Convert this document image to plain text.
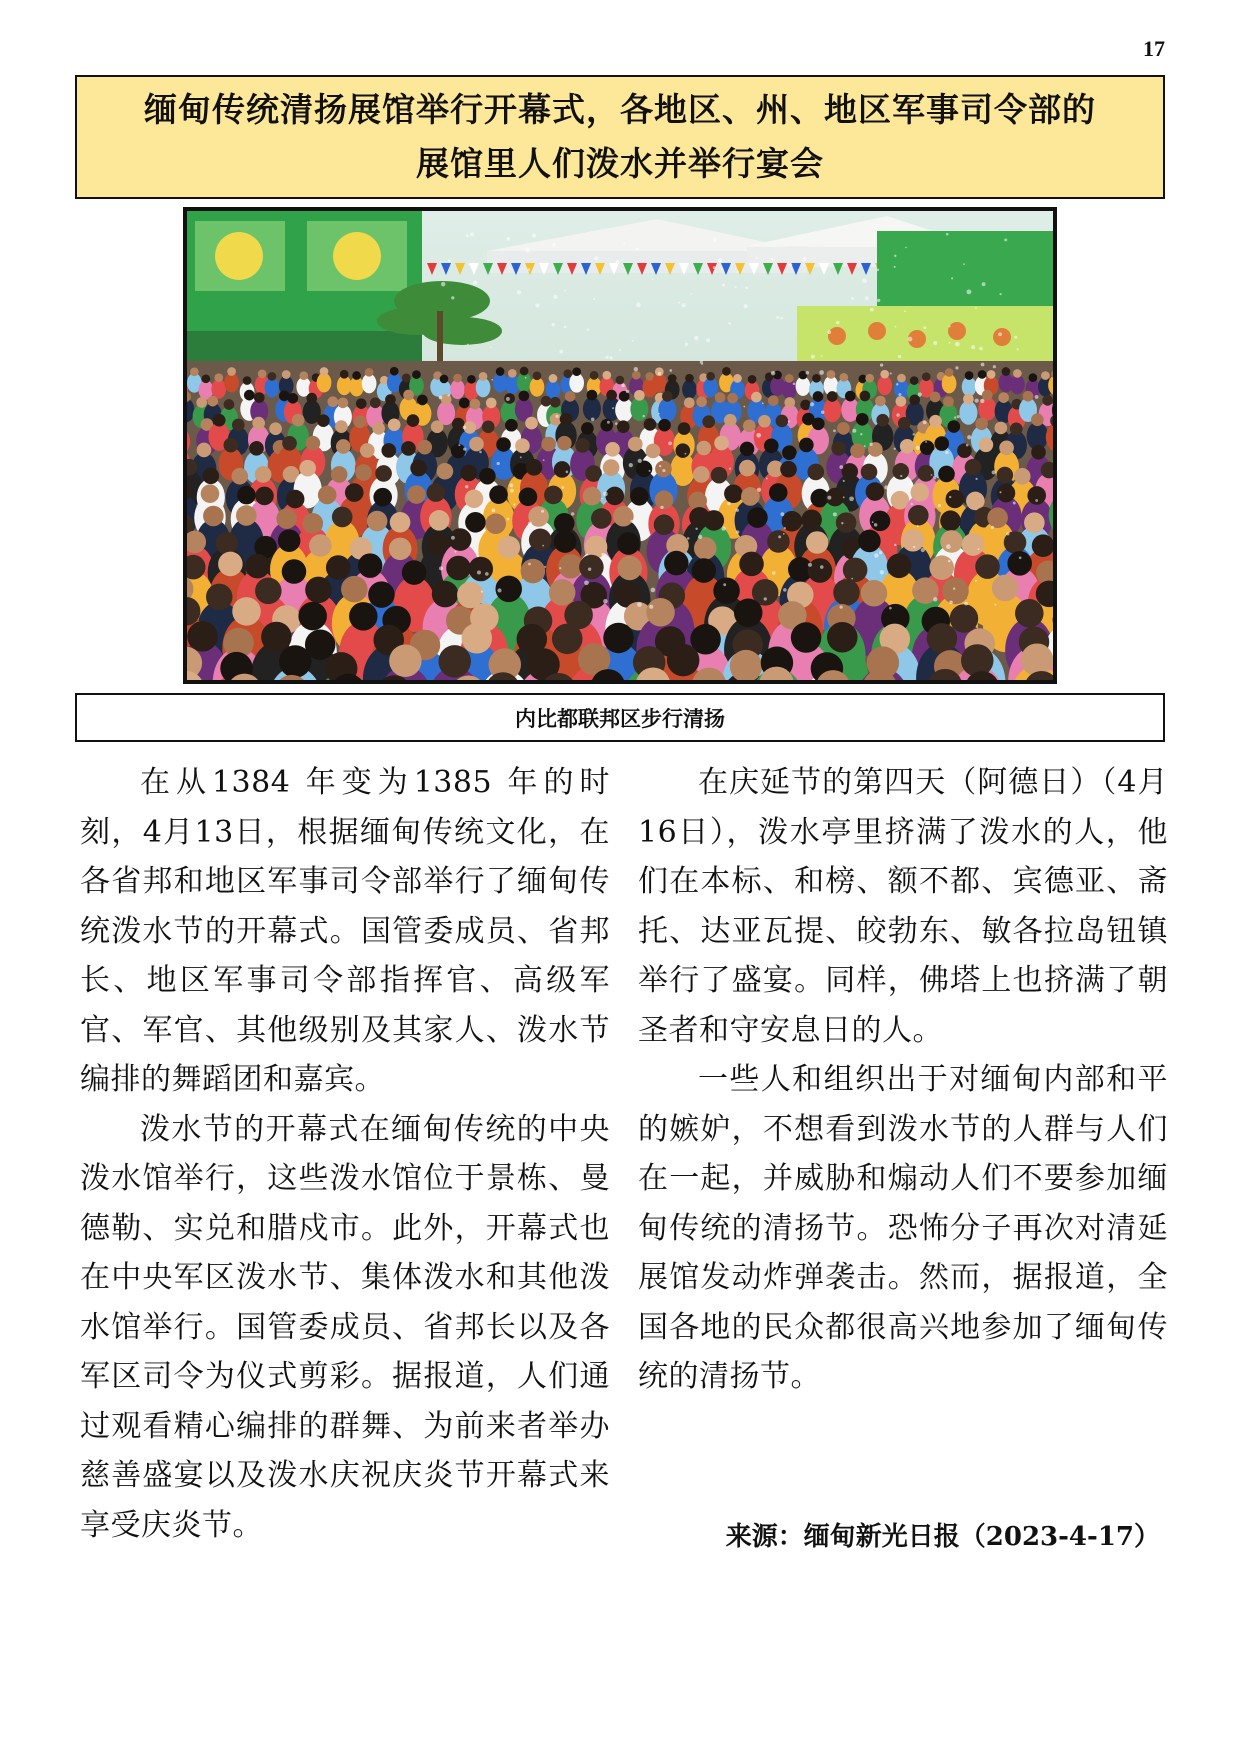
17
缅甸传统清扬展馆举行开幕式，各地区、州、地区军事司令部的
展馆里人们泼水并举行宴会
内比都联邦区步行清扬

在从1384 年变为1385 年的时刻，4月13日，根据缅甸传统文化，在各省邦和地区军事司令部举行了缅甸传统泼水节的开幕式。国管委成员、省邦长、地区军事司令部指挥官、高级军官、军官、其他级别及其家人、泼水节编排的舞蹈团和嘉宾。

泼水节的开幕式在缅甸传统的中央泼水馆举行，这些泼水馆位于景栋、曼德勒、实兑和腊戍市。此外，开幕式也在中央军区泼水节、集体泼水和其他泼水馆举行。国管委成员、省邦长以及各军区司令为仪式剪彩。据报道，人们通过观看精心编排的群舞、为前来者举办慈善盛宴以及泼水庆祝庆炎节开幕式来享受庆炎节。

在庆延节的第四天（阿德日）（4月16日），泼水亭里挤满了泼水的人，他们在本标、和榜、额不都、宾德亚、斋托、达亚瓦提、皎勃东、敏各拉岛钮镇举行了盛宴。同样，佛塔上也挤满了朝圣者和守安息日的人。

一些人和组织出于对缅甸内部和平的嫉妒，不想看到泼水节的人群与人们在一起，并威胁和煽动人们不要参加缅甸传统的清扬节。恐怖分子再次对清延展馆发动炸弹袭击。然而，据报道，全国各地的民众都很高兴地参加了缅甸传统的清扬节。

来源：缅甸新光日报（2023-4-17）
